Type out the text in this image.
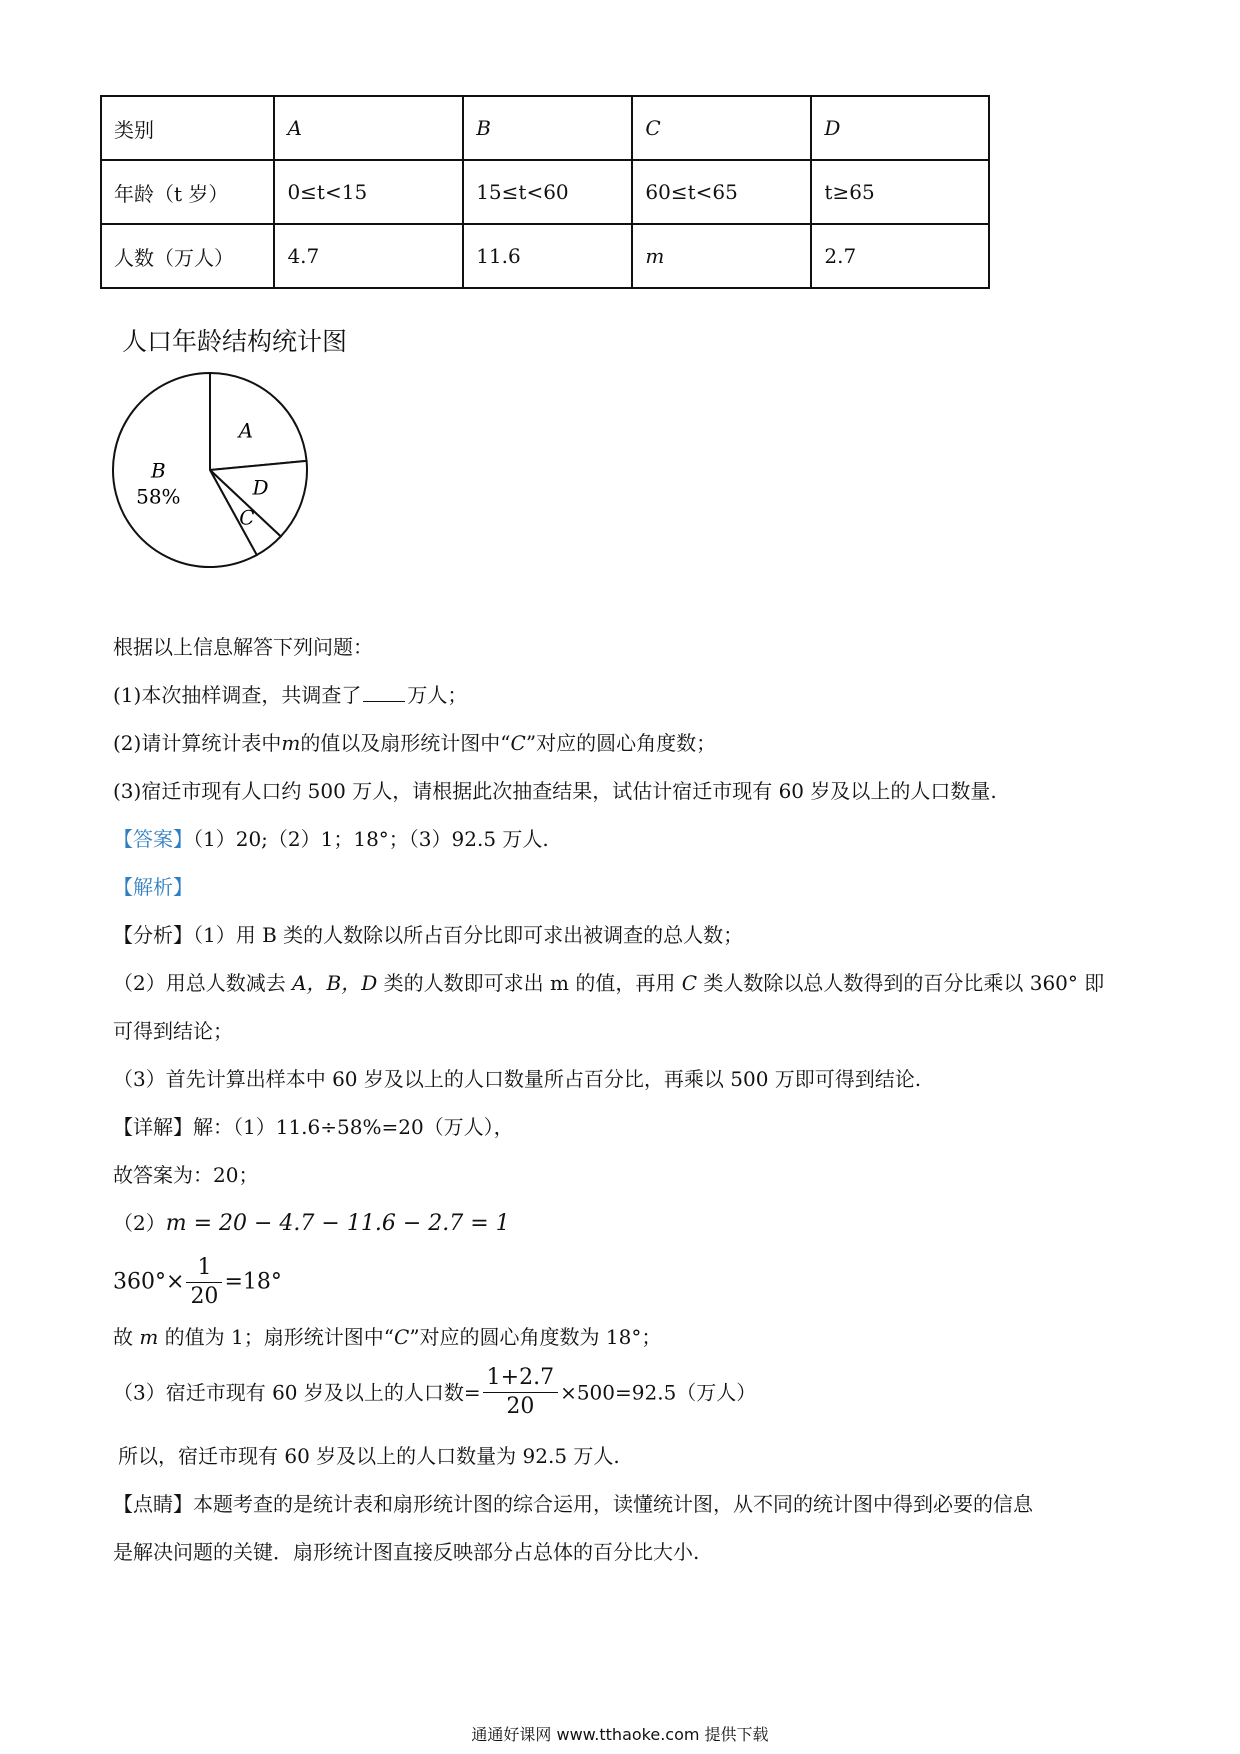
类别	A	B	C	D
年龄（t 岁）	0≤t<15	15≤t<60	60≤t<65	t≥65
人数（万人）	4.7	11.6	m	2.7
人口年龄结构统计图
A
D
C
B
58%
根据以上信息解答下列问题：
(1)本次抽样调查，共调查了 万人；
(2)请计算统计表中m的值以及扇形统计图中“C”对应的圆心角度数；
(3)宿迁市现有人口约 500 万人，请根据此次抽查结果，试估计宿迁市现有 60 岁及以上的人口数量.
【答案】（1）20;（2）1；18°；（3）92.5 万人.
【解析】
【分析】（1）用 B 类的人数除以所占百分比即可求出被调查的总人数；
（2）用总人数减去 A，B，D 类的人数即可求出 m 的值，再用 C 类人数除以总人数得到的百分比乘以 360° 即
可得到结论；
（3）首先计算出样本中 60 岁及以上的人口数量所占百分比，再乘以 500 万即可得到结论.
【详解】解：（1）11.6÷58%=20（万人），
故答案为：20；
（2）m = 20 − 4.7 − 11.6 − 2.7 = 1
$360^\circ\times \frac{1}{20} =18^\circ$
故 m 的值为 1；扇形统计图中“C”对应的圆心角度数为 18°；
（3）宿迁市现有 60 岁及以上的人口数= $\frac{1+2.7}{20} \times 500=92.5$（万人）
所以，宿迁市现有 60 岁及以上的人口数量为 92.5 万人.
【点睛】本题考查的是统计表和扇形统计图的综合运用，读懂统计图，从不同的统计图中得到必要的信息
是解决问题的关键．扇形统计图直接反映部分占总体的百分比大小.
通通好课网 www.tthaoke.com 提供下载
